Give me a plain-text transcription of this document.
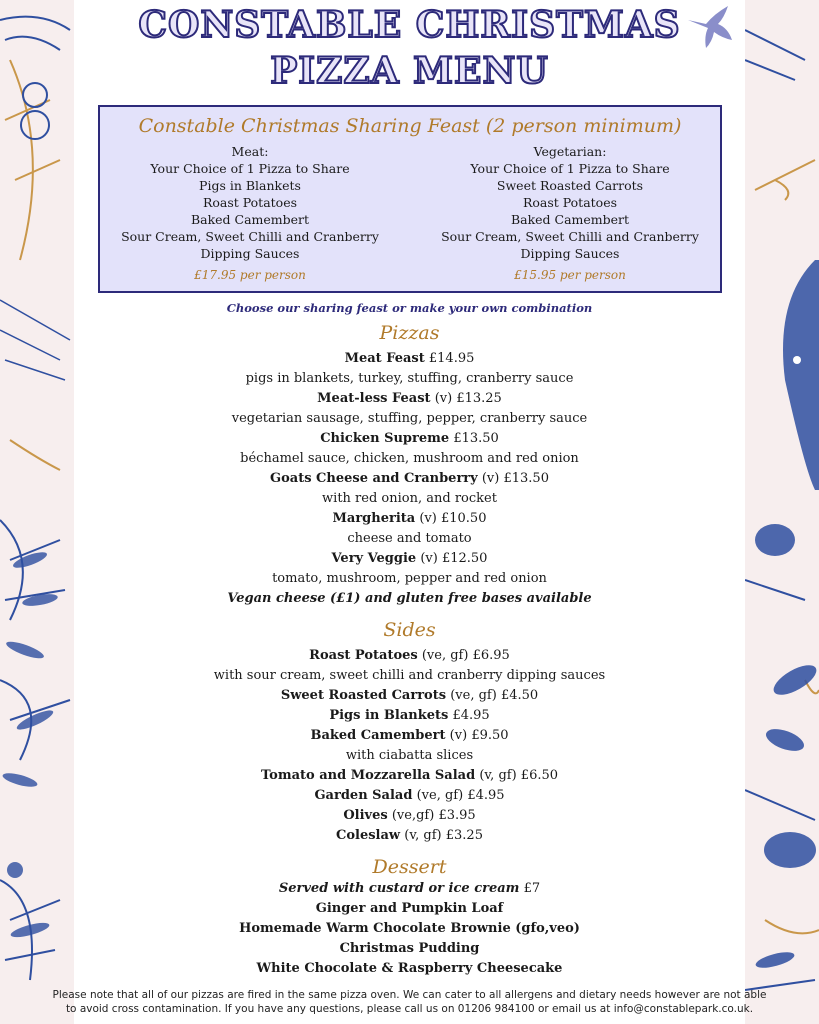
CONSTABLE CHRISTMAS
PIZZA MENU
Constable Christmas Sharing Feast (2 person minimum)
Meat:
Your Choice of 1 Pizza to Share
Pigs in Blankets
Roast Potatoes
Baked Camembert
Sour Cream, Sweet Chilli and Cranberry
Dipping Sauces
£17.95 per person
Vegetarian:
Your Choice of 1 Pizza to Share
Sweet Roasted Carrots
Roast Potatoes
Baked Camembert
Sour Cream, Sweet Chilli and Cranberry
Dipping Sauces
£15.95 per person
Choose our sharing feast or make your own combination
Pizzas
Meat Feast £14.95
pigs in blankets, turkey, stuffing, cranberry sauce
Meat-less Feast (v) £13.25
vegetarian sausage, stuffing, pepper, cranberry sauce
Chicken Supreme £13.50
béchamel sauce, chicken, mushroom and red onion
Goats Cheese and Cranberry (v) £13.50
with red onion, and rocket
Margherita (v) £10.50
cheese and tomato
Very Veggie (v) £12.50
tomato, mushroom, pepper and red onion
Vegan cheese (£1) and gluten free bases available
Sides
Roast Potatoes (ve, gf) £6.95
with sour cream, sweet chilli and cranberry dipping sauces
Sweet Roasted Carrots (ve, gf) £4.50
Pigs in Blankets £4.95
Baked Camembert (v) £9.50
with ciabatta slices
Tomato and Mozzarella Salad (v, gf) £6.50
Garden Salad (ve, gf) £4.95
Olives (ve,gf) £3.95
Coleslaw (v, gf) £3.25
Dessert
Served with custard or ice cream £7
Ginger and Pumpkin Loaf
Homemade Warm Chocolate Brownie (gfo,veo)
Christmas Pudding
White Chocolate & Raspberry Cheesecake
Please note that all of our pizzas are fired in the same pizza oven. We can cater to all allergens and dietary needs however are not able
to avoid cross contamination. If you have any questions, please call us on 01206 984100 or email us at info@constablepark.co.uk.
